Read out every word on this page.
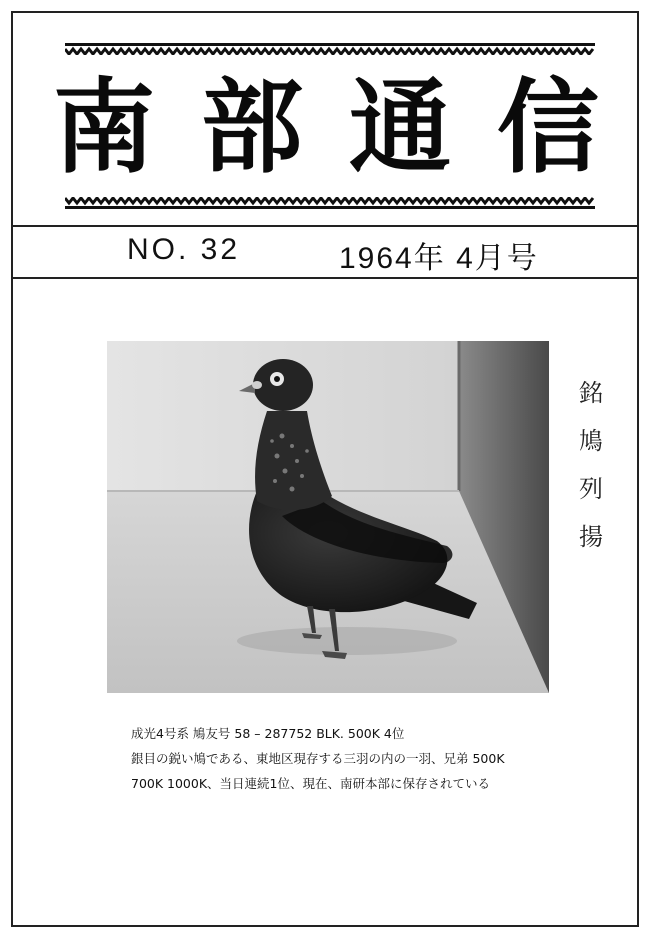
南 部 通 信
NO. 32	1964年 4月号
銘
鳩
列
揚
成光4号系 鳩友号 58 – 287752 BLK. 500K 4位
銀目の鋭い鳩である、東地区現存する三羽の内の一羽、兄弟 500K
700K 1000K、当日連続1位、現在、南研本部に保存されている
